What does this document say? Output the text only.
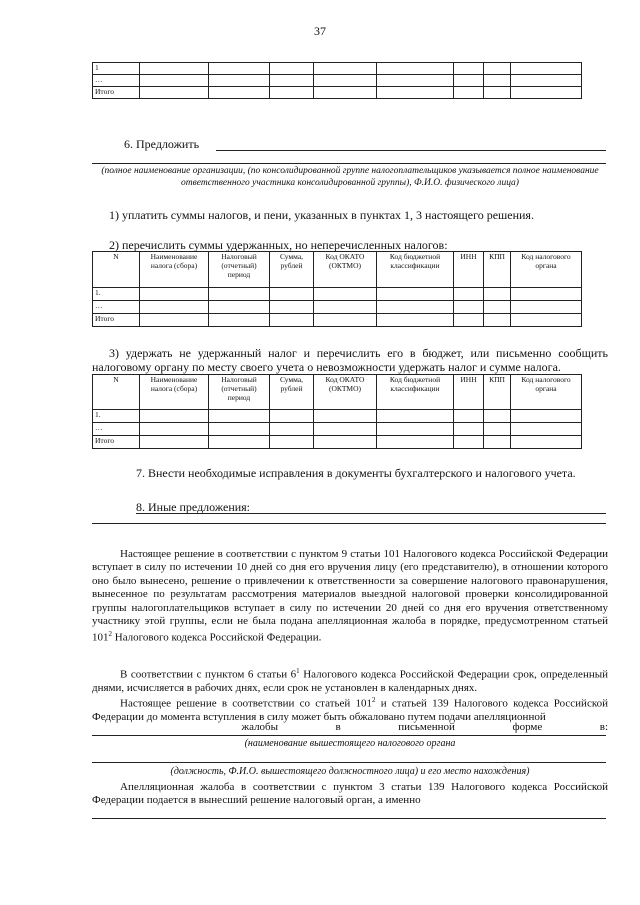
37
1								
…								
Итого								
6. Предложить
(полное наименование организации, (по консолидированной группе налогоплательщиков указывается полное наименование ответственного участника консолидированной группы), Ф.И.О. физического лица)
1) уплатить суммы налогов, и пени, указанных в пунктах 1, 3 настоящего решения.
2) перечислить суммы удержанных, но неперечисленных налогов:
N	Наименование налога (сбора)	Налоговый (отчетный) период	Сумма, рублей	Код ОКАТО (ОКТМО)	Код бюджетной классификации	ИНН	КПП	Код налогового органа
1.								
…								
Итого								
3) удержать не удержанный налог и перечислить его в бюджет, или письменно сообщить налоговому органу по месту своего учета о невозможности удержать налог и сумме налога.
N	Наименование налога (сбора)	Налоговый (отчетный) период	Сумма, рублей	Код ОКАТО (ОКТМО)	Код бюджетной классификации	ИНН	КПП	Код налогового органа
1.								
…								
Итого								
7. Внести необходимые исправления в документы бухгалтерского и налогового учета.
8. Иные предложения:
Настоящее решение в соответствии с пунктом 9 статьи 101 Налогового кодекса Российской Федерации вступает в силу по истечении 10 дней со дня его вручения лицу (его представителю), в отношении которого оно было вынесено, решение о привлечении к ответственности за совершение налогового правонарушения, вынесенное по результатам рассмотрения материалов выездной налоговой проверки консолидированной группы налогоплательщиков вступает в силу по истечении 20 дней со дня его вручения ответственному участнику этой группы, если не была подана апелляционная жалоба в порядке, предусмотренном статьей $101^2$ Налогового кодекса Российской Федерации.
В соответствии с пунктом 6 статьи $6^1$ Налогового кодекса Российской Федерации срок, определенный днями, исчисляется в рабочих днях, если срок не установлен в календарных днях.
Настоящее решение в соответствии со статьей $101^2$ и статьей 139 Налогового кодекса Российской Федерации до момента вступления в силу может быть обжаловано путем подачи апелляционной
жалобы	в	письменной	форме	в:
(наименование вышестоящего налогового органа
(должность, Ф.И.О. вышестоящего должностного лица) и его место нахождения)
Апелляционная жалоба в соответствии с пунктом 3 статьи 139 Налогового кодекса Российской Федерации подается в вынесший решение налоговый орган, а именно
